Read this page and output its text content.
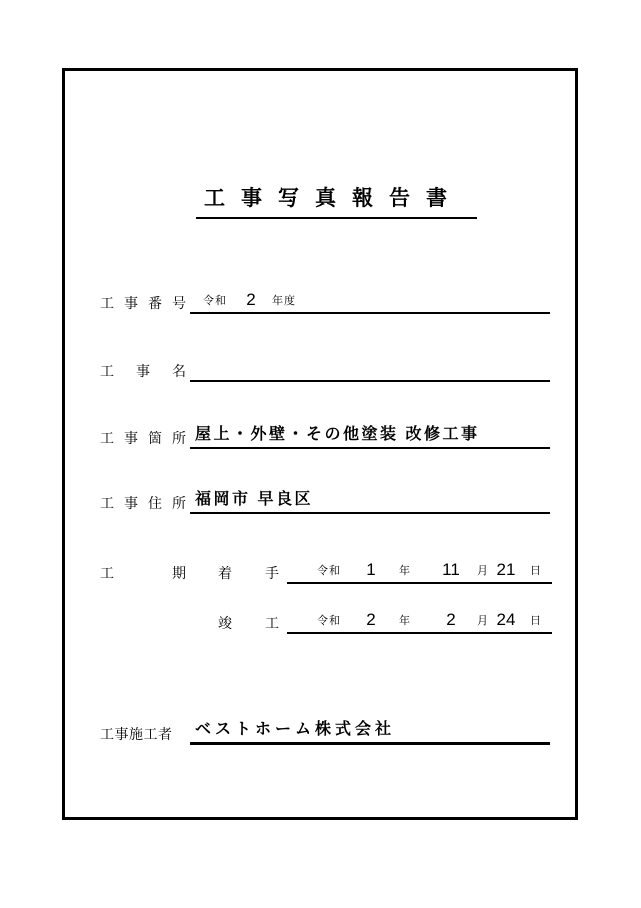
工事写真報告書
工事番号 令和	2	年度
工事名
工事箇所 屋上・外壁・その他塗装 改修工事
工事住所 福岡市 早良区
工期 着手	令和	1	年	11	月 21	日
竣工	令和	2	年	2	月 24	日
工事施工者 ベストホーム株式会社
